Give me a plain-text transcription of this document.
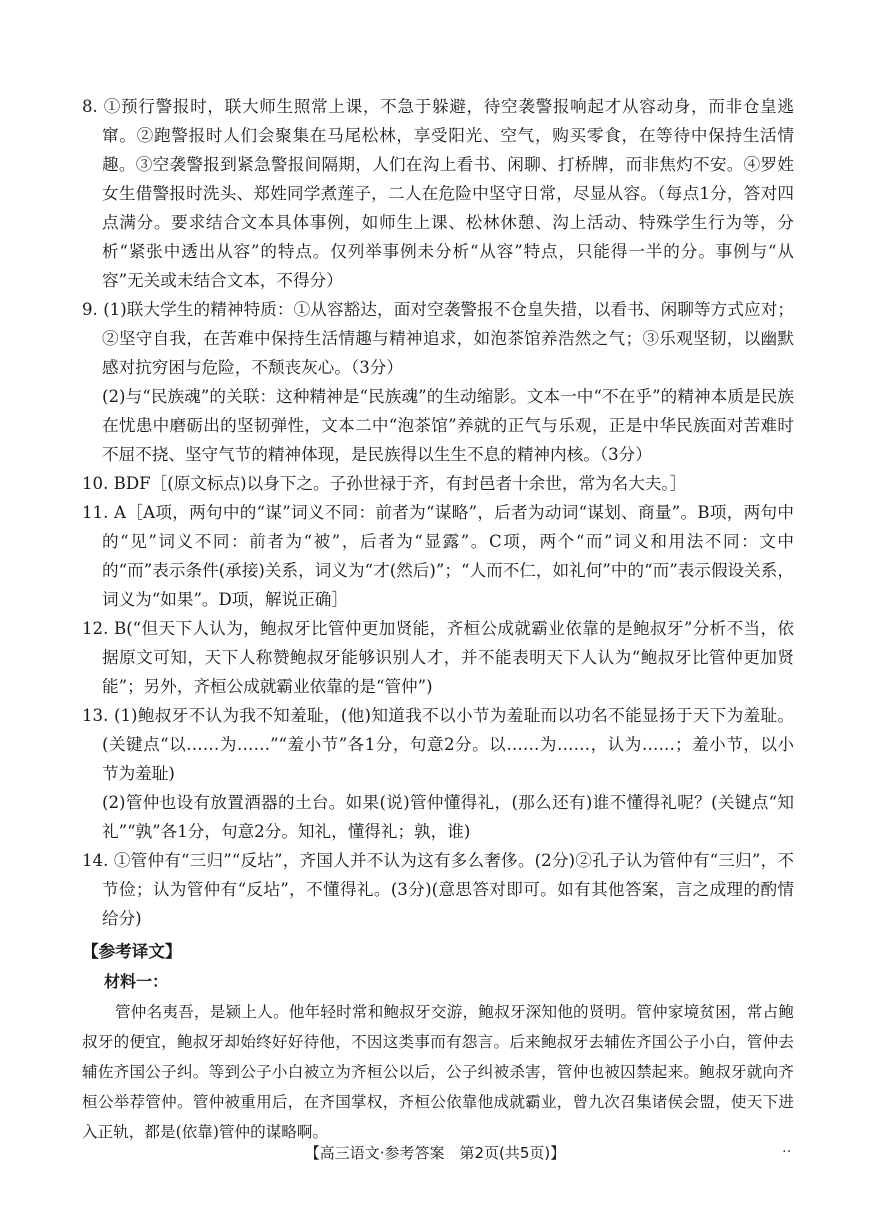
8. ①预行警报时，联大师生照常上课，不急于躲避，待空袭警报响起才从容动身，而非仓皇逃窜。②跑警报时人们会聚集在马尾松林，享受阳光、空气，购买零食，在等待中保持生活情趣。③空袭警报到紧急警报间隔期，人们在沟上看书、闲聊、打桥牌，而非焦灼不安。④罗姓女生借警报时洗头、郑姓同学煮莲子，二人在危险中坚守日常，尽显从容。（每点1分，答对四点满分。要求结合文本具体事例，如师生上课、松林休憩、沟上活动、特殊学生行为等，分析“紧张中透出从容”的特点。仅列举事例未分析“从容”特点，只能得一半的分。事例与“从容”无关或未结合文本，不得分）

9. (1)联大学生的精神特质：①从容豁达，面对空袭警报不仓皇失措，以看书、闲聊等方式应对；②坚守自我，在苦难中保持生活情趣与精神追求，如泡茶馆养浩然之气；③乐观坚韧，以幽默感对抗穷困与危险，不颓丧灰心。（3分）

(2)与“民族魂”的关联：这种精神是“民族魂”的生动缩影。文本一中“不在乎”的精神本质是民族在忧患中磨砺出的坚韧弹性，文本二中“泡茶馆”养就的正气与乐观，正是中华民族面对苦难时不屈不挠、坚守气节的精神体现，是民族得以生生不息的精神内核。（3分）

10. BDF［(原文标点)以身下之。子孙世禄于齐，有封邑者十余世，常为名大夫。］

11. A［A项，两句中的“谋”词义不同：前者为“谋略”，后者为动词“谋划、商量”。B项，两句中的“见”词义不同：前者为“被”，后者为“显露”。C项，两个“而”词义和用法不同：文中的“而”表示条件(承接)关系，词义为“才(然后)”；“人而不仁，如礼何”中的“而”表示假设关系，词义为“如果”。D项，解说正确］

12. B(“但天下人认为，鲍叔牙比管仲更加贤能，齐桓公成就霸业依靠的是鲍叔牙”分析不当，依据原文可知，天下人称赞鲍叔牙能够识别人才，并不能表明天下人认为“鲍叔牙比管仲更加贤能”；另外，齐桓公成就霸业依靠的是“管仲”)

13. (1)鲍叔牙不认为我不知羞耻，(他)知道我不以小节为羞耻而以功名不能显扬于天下为羞耻。(关键点“以……为……”“羞小节”各1分，句意2分。以……为……，认为……；羞小节，以小节为羞耻)

(2)管仲也设有放置酒器的土台。如果(说)管仲懂得礼，(那么还有)谁不懂得礼呢？(关键点“知礼”“孰”各1分，句意2分。知礼，懂得礼；孰，谁)

14. ①管仲有“三归”“反坫”，齐国人并不认为这有多么奢侈。(2分)②孔子认为管仲有“三归”，不节俭；认为管仲有“反坫”，不懂得礼。(3分)(意思答对即可。如有其他答案，言之成理的酌情给分)

【参考译文】
材料一：

管仲名夷吾，是颍上人。他年轻时常和鲍叔牙交游，鲍叔牙深知他的贤明。管仲家境贫困，常占鲍叔牙的便宜，鲍叔牙却始终好好待他，不因这类事而有怨言。后来鲍叔牙去辅佐齐国公子小白，管仲去辅佐齐国公子纠。等到公子小白被立为齐桓公以后，公子纠被杀害，管仲也被囚禁起来。鲍叔牙就向齐桓公举荐管仲。管仲被重用后，在齐国掌权，齐桓公依靠他成就霸业，曾九次召集诸侯会盟，使天下进入正轨，都是(依靠)管仲的谋略啊。

【高三语文·参考答案　第2页(共5页)】	‥
